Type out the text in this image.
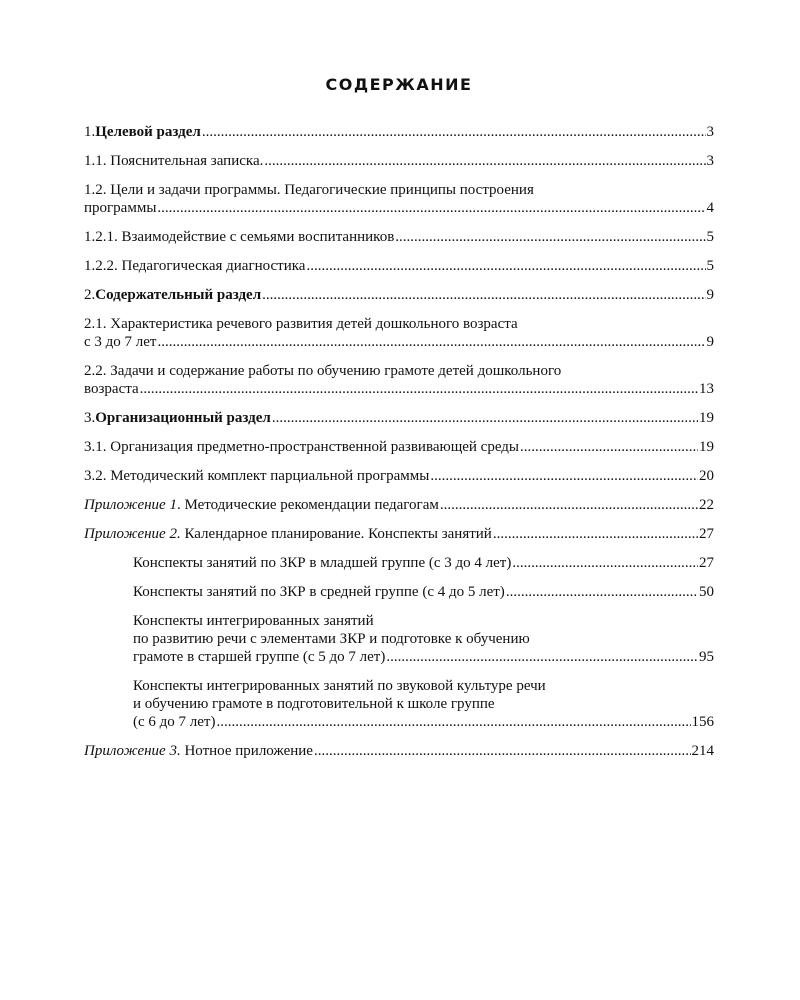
СОДЕРЖАНИЕ
1. Целевой раздел .....	3
1.1. Пояснительная записка. .....	3
1.2. Цели и задачи программы. Педагогические принципы построения
программы .....	4
1.2.1. Взаимодействие с семьями воспитанников .....	5
1.2.2. Педагогическая диагностика .....	5
2. Содержательный раздел .....	9
2.1. Характеристика речевого развития детей дошкольного возраста
с 3 до 7 лет .....	9
2.2. Задачи и содержание работы по обучению грамоте детей дошкольного
возраста .....	13
3. Организационный раздел .....	19
3.1. Организация предметно-пространственной развивающей среды .....	19
3.2. Методический комплект парциальной программы .....	20
Приложение 1 . Методические рекомендации педагогам .....	22
Приложение 2. Календарное планирование. Конспекты занятий .....	27
Конспекты занятий по ЗКР в младшей группе (с 3 до 4 лет) .....	27
Конспекты занятий по ЗКР в средней группе (с 4 до 5 лет) .....	50
Конспекты интегрированных занятий
по развитию речи с элементами ЗКР и подготовке к обучению
грамоте в старшей группе (с 5 до 7 лет) .....	95
Конспекты интегрированных занятий по звуковой культуре речи
и обучению грамоте в подготовительной к школе группе
(с 6 до 7 лет) .....	156
Приложение 3. Нотное приложение .....	214
